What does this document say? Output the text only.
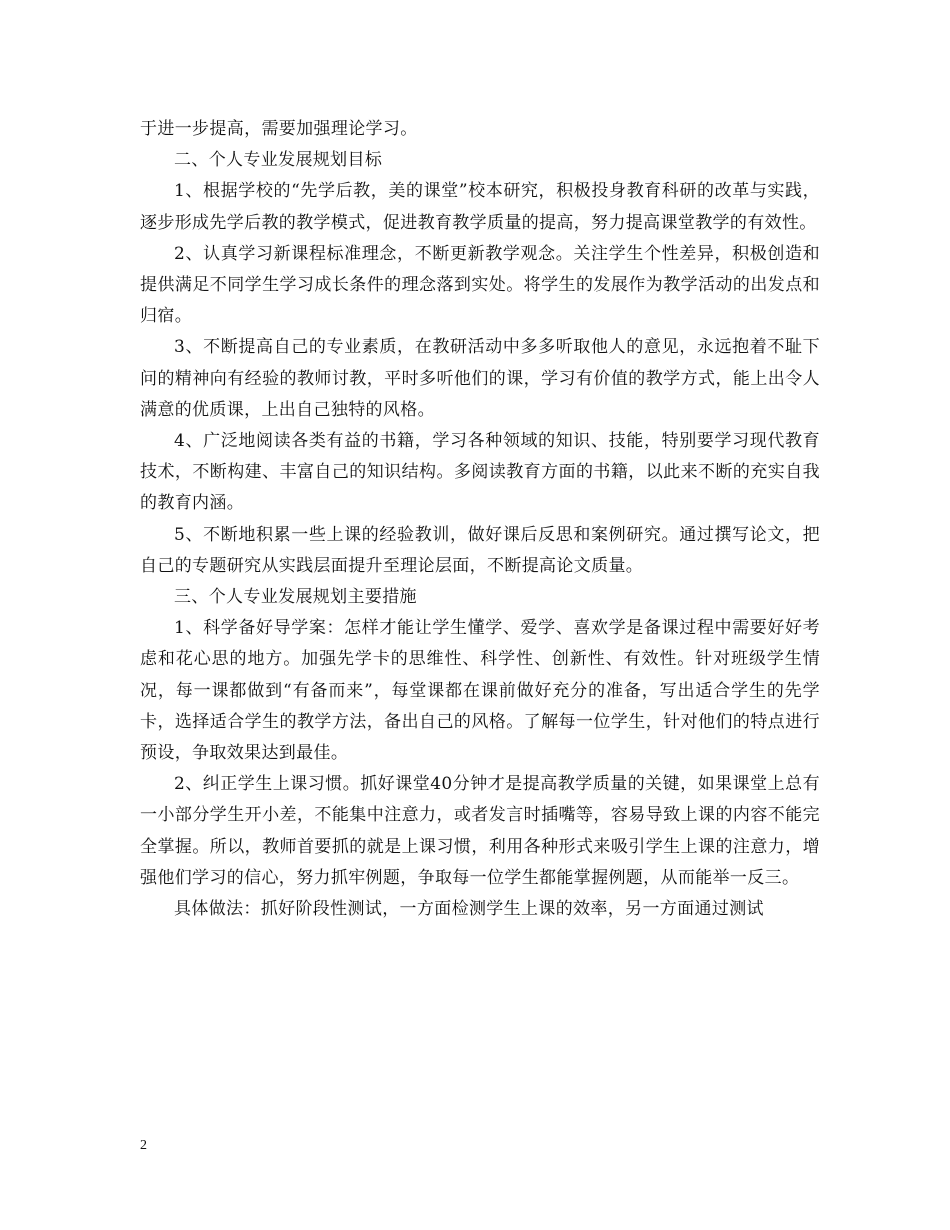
于进一步提高，需要加强理论学习。

二、个人专业发展规划目标

1、根据学校的“先学后教，美的课堂”校本研究，积极投身教育科研的改革与实践，逐步形成先学后教的教学模式，促进教育教学质量的提高，努力提高课堂教学的有效性。

2、认真学习新课程标准理念，不断更新教学观念。关注学生个性差异，积极创造和提供满足不同学生学习成长条件的理念落到实处。将学生的发展作为教学活动的出发点和归宿。

3、不断提高自己的专业素质，在教研活动中多多听取他人的意见，永远抱着不耻下问的精神向有经验的教师讨教，平时多听他们的课，学习有价值的教学方式，能上出令人满意的优质课，上出自己独特的风格。

4、广泛地阅读各类有益的书籍，学习各种领域的知识、技能，特别要学习现代教育技术，不断构建、丰富自己的知识结构。多阅读教育方面的书籍，以此来不断的充实自我的教育内涵。

5、不断地积累一些上课的经验教训，做好课后反思和案例研究。通过撰写论文，把自己的专题研究从实践层面提升至理论层面，不断提高论文质量。

三、个人专业发展规划主要措施

1、科学备好导学案：怎样才能让学生懂学、爱学、喜欢学是备课过程中需要好好考虑和花心思的地方。加强先学卡的思维性、科学性、创新性、有效性。针对班级学生情况，每一课都做到“有备而来”，每堂课都在课前做好充分的准备，写出适合学生的先学卡，选择适合学生的教学方法，备出自己的风格。了解每一位学生，针对他们的特点进行预设，争取效果达到最佳。

2、纠正学生上课习惯。抓好课堂40分钟才是提高教学质量的关键，如果课堂上总有一小部分学生开小差，不能集中注意力，或者发言时插嘴等，容易导致上课的内容不能完全掌握。所以，教师首要抓的就是上课习惯，利用各种形式来吸引学生上课的注意力，增强他们学习的信心，努力抓牢例题，争取每一位学生都能掌握例题，从而能举一反三。

具体做法：抓好阶段性测试，一方面检测学生上课的效率，另一方面通过测试

2
